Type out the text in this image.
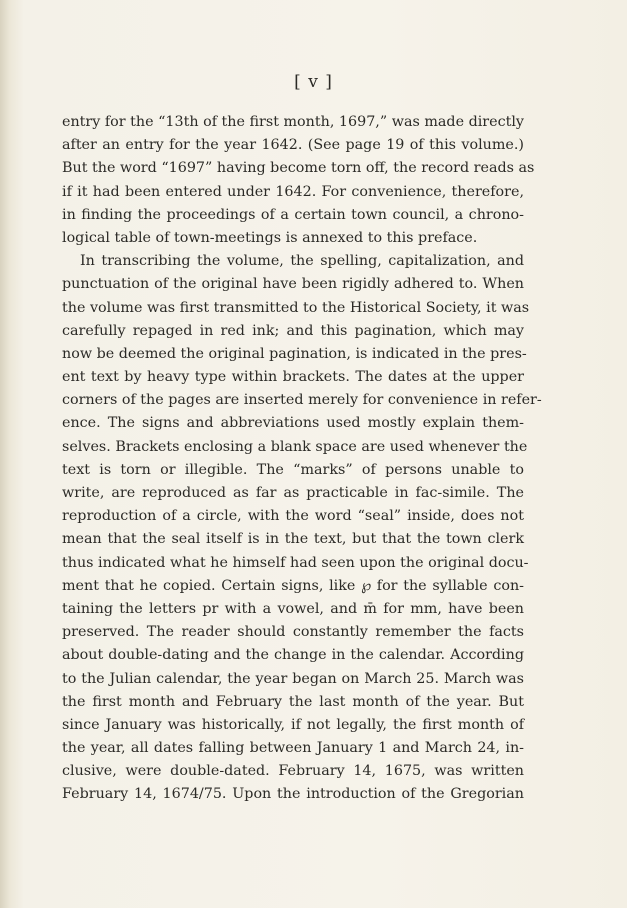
[ v ]
entry for the “13th of the first month, 1697,” was made directly
after an entry for the year 1642. (See page 19 of this volume.)
But the word “1697” having become torn off, the record reads as
if it had been entered under 1642. For convenience, therefore,
in finding the proceedings of a certain town council, a chrono-
logical table of town-meetings is annexed to this preface.
In transcribing the volume, the spelling, capitalization, and
punctuation of the original have been rigidly adhered to. When
the volume was first transmitted to the Historical Society, it was
carefully repaged in red ink; and this pagination, which may
now be deemed the original pagination, is indicated in the pres-
ent text by heavy type within brackets. The dates at the upper
corners of the pages are inserted merely for convenience in refer-
ence. The signs and abbreviations used mostly explain them-
selves. Brackets enclosing a blank space are used whenever the
text is torn or illegible. The “marks” of persons unable to
write, are reproduced as far as practicable in fac-simile. The
reproduction of a circle, with the word “seal” inside, does not
mean that the seal itself is in the text, but that the town clerk
thus indicated what he himself had seen upon the original docu-
ment that he copied. Certain signs, like ℘ for the syllable con-
taining the letters pr with a vowel, and m̄ for mm, have been
preserved. The reader should constantly remember the facts
about double-dating and the change in the calendar. According
to the Julian calendar, the year began on March 25. March was
the first month and February the last month of the year. But
since January was historically, if not legally, the first month of
the year, all dates falling between January 1 and March 24, in-
clusive, were double-dated. February 14, 1675, was written
February 14, 1674/75. Upon the introduction of the Gregorian
